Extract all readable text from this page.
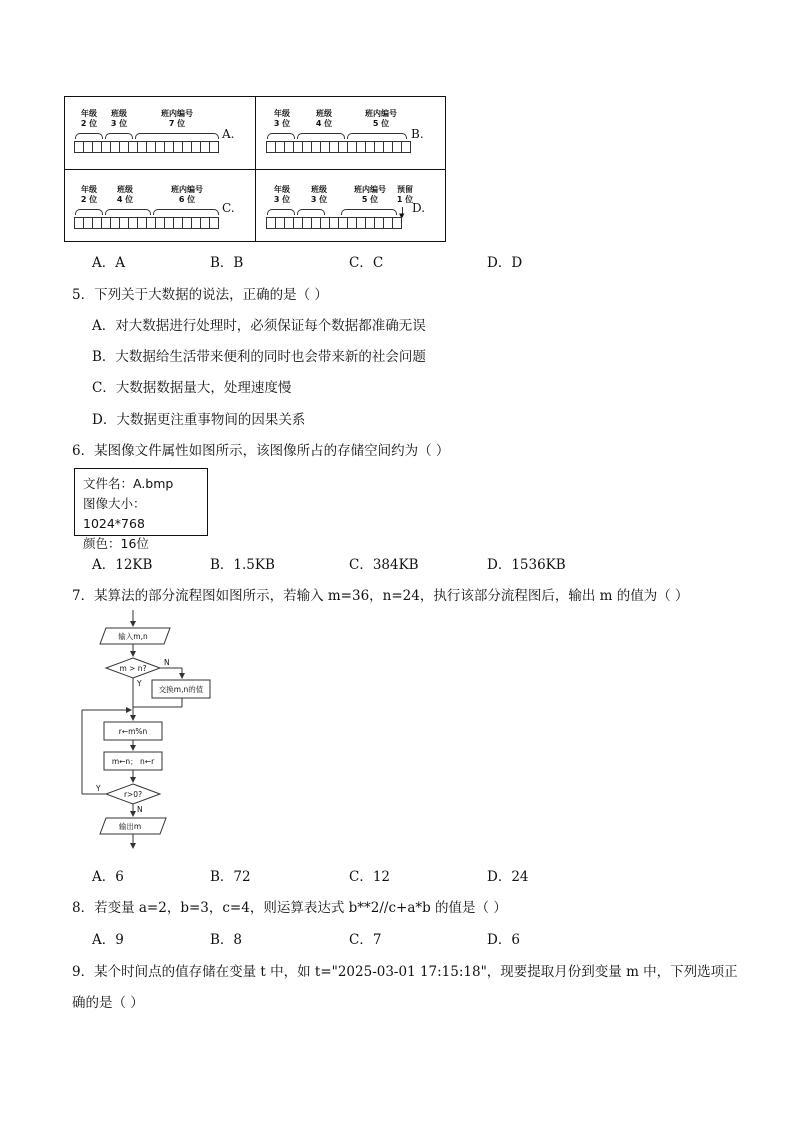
年级
2 位
班级
3 位
班内编号
7 位
A.
年级
3 位
班级
4 位
班内编号
5 位
B.
年级
2 位
班级
4 位
班内编号
6 位
C.
年级
3 位
班级
3 位
班内编号
5 位
预留
1 位
▼
D.
A．A	B．B	C．C	D．D
5．下列关于大数据的说法，正确的是（ ）
A．对大数据进行处理时，必须保证每个数据都准确无误
B．大数据给生活带来便利的同时也会带来新的社会问题
C．大数据数据量大，处理速度慢
D．大数据更注重事物间的因果关系
6．某图像文件属性如图所示，该图像所占的存储空间约为（ ）
文件名：A.bmp
图像大小：1024*768
颜色：16位
A．12KB	B．1.5KB	C．384KB	D．1536KB
7．某算法的部分流程图如图所示，若输入 m=36，n=24，执行该部分流程图后，输出 m 的值为（ ）
输入m,n
m > n?
N
Y
交换m,n的值
r←m%n
m←n； n←r
r>0?
Y
N
输出m
A．6	B．72	C．12	D．24
8．若变量 a=2，b=3，c=4，则运算表达式 b**2//c+a*b 的值是（ ）
A．9	B．8	C．7	D．6
9．某个时间点的值存储在变量 t 中，如 t="2025-03-01 17:15:18"，现要提取月份到变量 m 中，下列选项正
确的是（ ）
